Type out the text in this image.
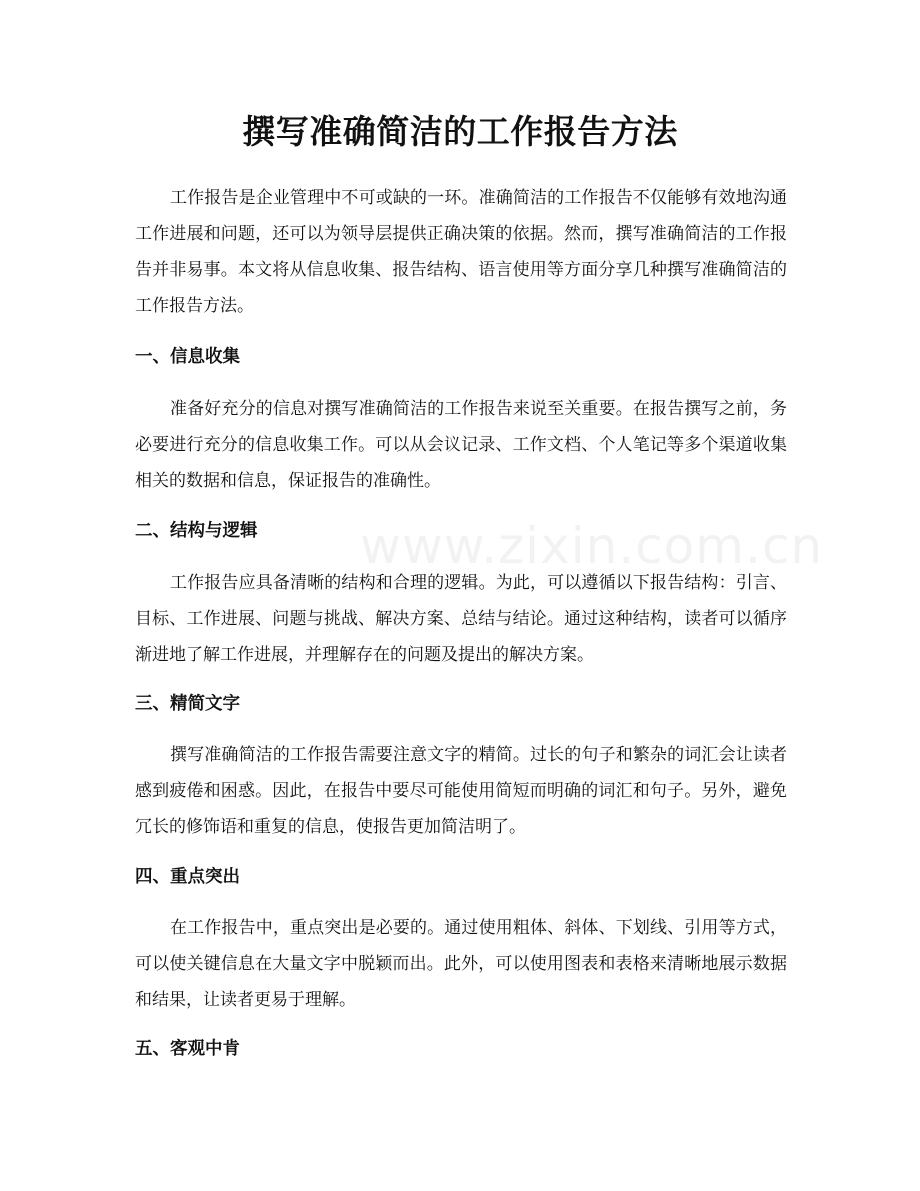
www.zixin.com.cn
撰写准确简洁的工作报告方法

工作报告是企业管理中不可或缺的一环。准确简洁的工作报告不仅能够有效地沟通工作进展和问题，还可以为领导层提供正确决策的依据。然而，撰写准确简洁的工作报告并非易事。本文将从信息收集、报告结构、语言使用等方面分享几种撰写准确简洁的工作报告方法。

一、信息收集

准备好充分的信息对撰写准确简洁的工作报告来说至关重要。在报告撰写之前，务必要进行充分的信息收集工作。可以从会议记录、工作文档、个人笔记等多个渠道收集相关的数据和信息，保证报告的准确性。

二、结构与逻辑

工作报告应具备清晰的结构和合理的逻辑。为此，可以遵循以下报告结构：引言、目标、工作进展、问题与挑战、解决方案、总结与结论。通过这种结构，读者可以循序渐进地了解工作进展，并理解存在的问题及提出的解决方案。

三、精简文字

撰写准确简洁的工作报告需要注意文字的精简。过长的句子和繁杂的词汇会让读者感到疲倦和困惑。因此，在报告中要尽可能使用简短而明确的词汇和句子。另外，避免冗长的修饰语和重复的信息，使报告更加简洁明了。

四、重点突出

在工作报告中，重点突出是必要的。通过使用粗体、斜体、下划线、引用等方式，可以使关键信息在大量文字中脱颖而出。此外，可以使用图表和表格来清晰地展示数据和结果，让读者更易于理解。

五、客观中肯
